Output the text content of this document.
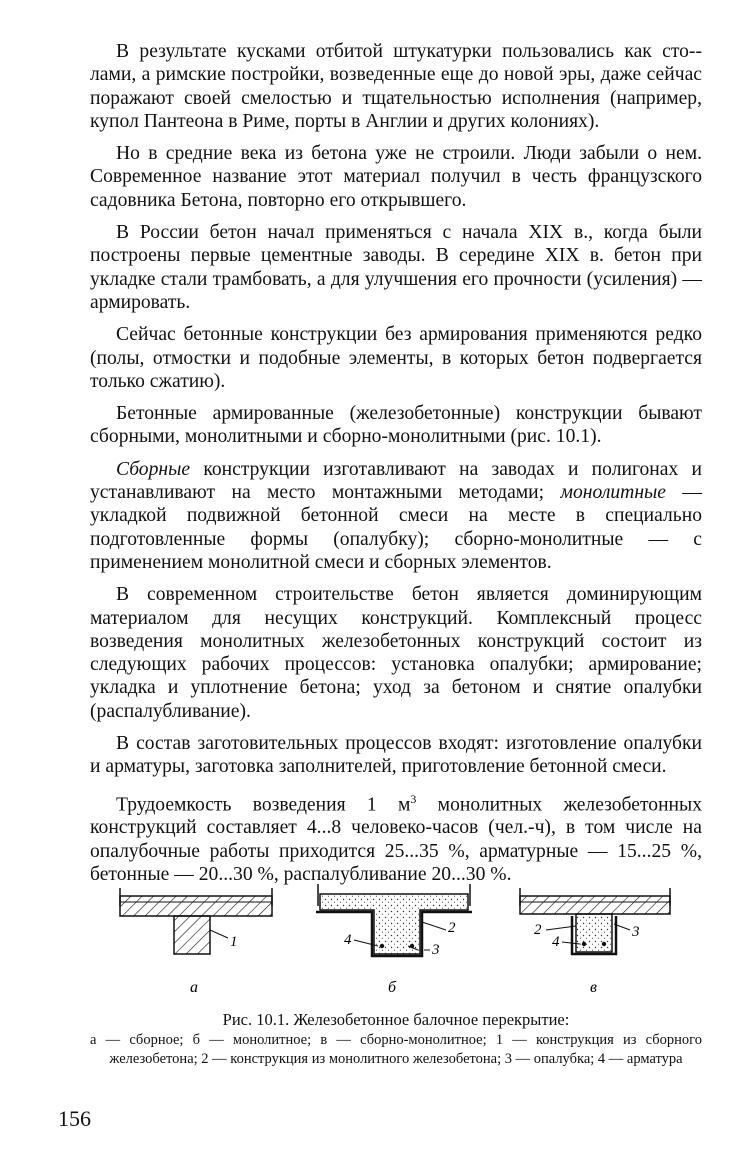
В результате кусками отбитой штукатурки пользовались как сто-лами, а римские постройки, возведенные еще до новой эры, даже сейчас поражают своей смелостью и тщательностью исполнения (например, купол Пантеона в Риме, порты в Англии и других колониях).

Но в средние века из бетона уже не строили. Люди забыли о нем. Современное название этот материал получил в честь французского садовника Бетона, повторно его открывшего.

В России бетон начал применяться с начала XIX в., когда были построены первые цементные заводы. В середине XIX в. бетон при укладке стали трамбовать, а для улучшения его прочности (усиления) — армировать.

Сейчас бетонные конструкции без армирования применяются редко (полы, отмостки и подобные элементы, в которых бетон подвергается только сжатию).

Бетонные армированные (железобетонные) конструкции бывают сборными, монолитными и сборно-монолитными (рис. 10.1).

Сборные конструкции изготавливают на заводах и полигонах и устанавливают на место монтажными методами; монолитные — укладкой подвижной бетонной смеси на месте в специально подготовленные формы (опалубку); сборно-монолитные — с применением монолитной смеси и сборных элементов.

В современном строительстве бетон является доминирующим материалом для несущих конструкций. Комплексный процесс возведения монолитных железобетонных конструкций состоит из следующих рабочих процессов: установка опалубки; армирование; укладка и уплотнение бетона; уход за бетоном и снятие опалубки (распалубливание).

В состав заготовительных процессов входят: изготовление опалубки и арматуры, заготовка заполнителей, приготовление бетонной смеси.

Трудоемкость возведения 1 $м^3$ монолитных железобетонных конструкций составляет 4...8 человеко-часов (чел.-ч), в том числе на опалубочные работы приходится 25...35 %, арматурные — 15...25 %, бетонные — 20...30 %, распалубливание 20...30 %.

1
а
2
3
4
б
2	3
4
в
Рис. 10.1. Железобетонное балочное перекрытие:
а — сборное; б — монолитное; в — сборно-монолитное; 1 — конструкция из сборного железобетона; 2 — конструкция из монолитного железобетона; 3 — опалубка; 4 — арматура
156
